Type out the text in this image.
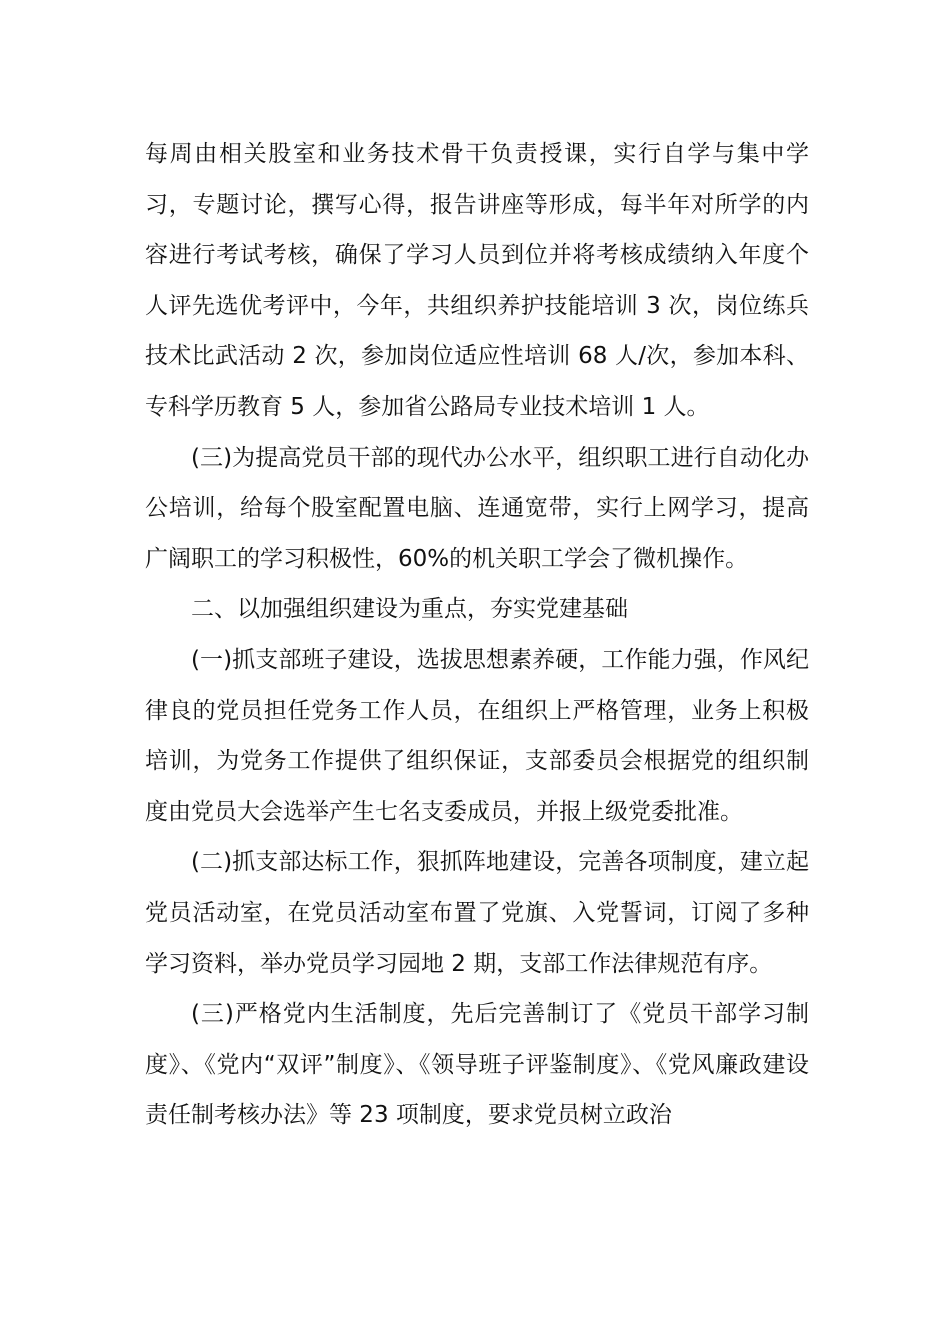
每周由相关股室和业务技术骨干负责授课，实行自学与集中学习，专题讨论，撰写心得，报告讲座等形成，每半年对所学的内容进行考试考核，确保了学习人员到位并将考核成绩纳入年度个人评先选优考评中，今年，共组织养护技能培训 3 次，岗位练兵技术比武活动 2 次，参加岗位适应性培训 68 人/次，参加本科、专科学历教育 5 人，参加省公路局专业技术培训 1 人。

(三)为提高党员干部的现代办公水平，组织职工进行自动化办公培训，给每个股室配置电脑、连通宽带，实行上网学习，提高广阔职工的学习积极性，60%的机关职工学会了微机操作。

二、以加强组织建设为重点，夯实党建基础

(一)抓支部班子建设，选拔思想素养硬，工作能力强，作风纪律良的党员担任党务工作人员，在组织上严格管理，业务上积极培训，为党务工作提供了组织保证，支部委员会根据党的组织制度由党员大会选举产生七名支委成员，并报上级党委批准。

(二)抓支部达标工作，狠抓阵地建设，完善各项制度，建立起党员活动室，在党员活动室布置了党旗、入党誓词，订阅了多种学习资料，举办党员学习园地 2 期，支部工作法律规范有序。

(三)严格党内生活制度，先后完善制订了《党员干部学习制度》、《党内“双评”制度》、《领导班子评鉴制度》、《党风廉政建设责任制考核办法》等 23 项制度，要求党员树立政治
